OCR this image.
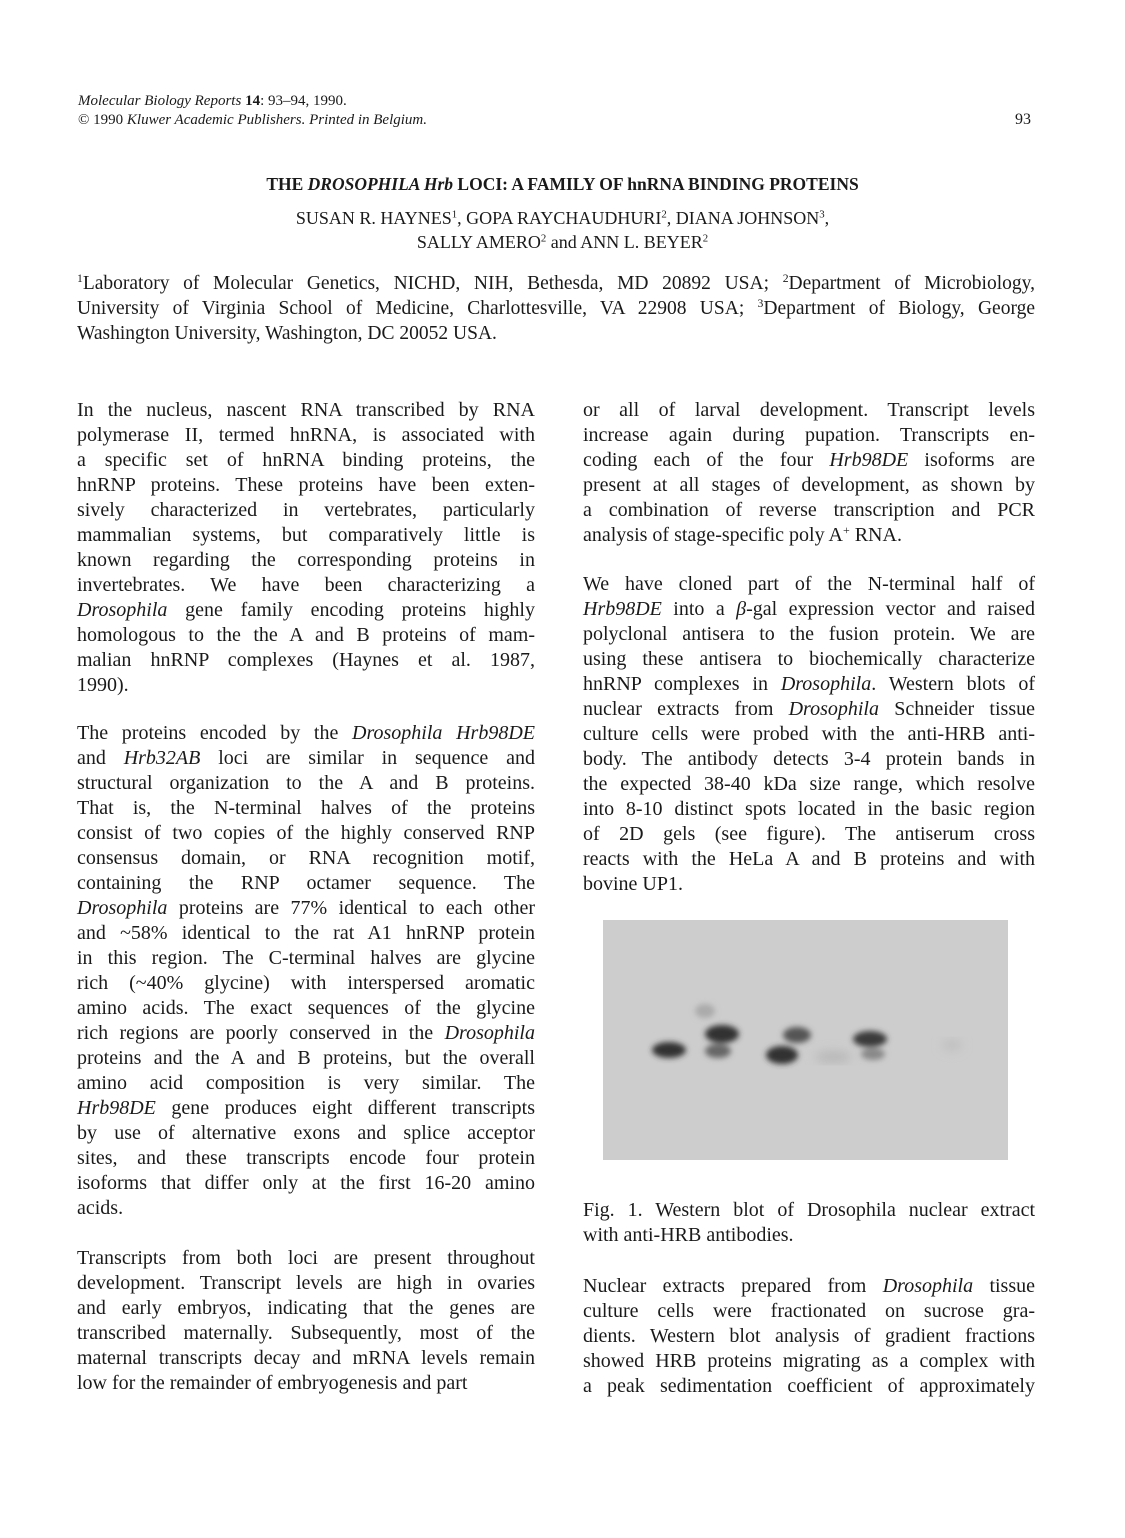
Molecular Biology Reports 14: 93–94, 1990.
© 1990 Kluwer Academic Publishers. Printed in Belgium.	93
THE DROSOPHILA Hrb LOCI: A FAMILY OF hnRNA BINDING PROTEINS
SUSAN R. HAYNES$^1$, GOPA RAYCHAUDHURI$^2$, DIANA JOHNSON$^3$,
SALLY AMERO$^2$ and ANN L. BEYER$^2$
$^1$Laboratory of Molecular Genetics, NICHD, NIH, Bethesda, MD 20892 USA; $^2$Department of Microbiology,
University of Virginia School of Medicine, Charlottesville, VA 22908 USA; $^3$Department of Biology, George
Washington University, Washington, DC 20052 USA.
In the nucleus, nascent RNA transcribed by RNA
polymerase II, termed hnRNA, is associated with
a specific set of hnRNA binding proteins, the
hnRNP proteins. These proteins have been exten-
sively characterized in vertebrates, particularly
mammalian systems, but comparatively little is
known regarding the corresponding proteins in
invertebrates. We have been characterizing a
Drosophila gene family encoding proteins highly
homologous to the the A and B proteins of mam-
malian hnRNP complexes (Haynes et al. 1987,
1990).
The proteins encoded by the Drosophila Hrb98DE
and Hrb32AB loci are similar in sequence and
structural organization to the A and B proteins.
That is, the N-terminal halves of the proteins
consist of two copies of the highly conserved RNP
consensus domain, or RNA recognition motif,
containing the RNP octamer sequence. The
Drosophila proteins are 77% identical to each other
and ~58% identical to the rat A1 hnRNP protein
in this region. The C-terminal halves are glycine
rich (~40% glycine) with interspersed aromatic
amino acids. The exact sequences of the glycine
rich regions are poorly conserved in the Drosophila
proteins and the A and B proteins, but the overall
amino acid composition is very similar. The
Hrb98DE gene produces eight different transcripts
by use of alternative exons and splice acceptor
sites, and these transcripts encode four protein
isoforms that differ only at the first 16-20 amino
acids.
Transcripts from both loci are present throughout
development. Transcript levels are high in ovaries
and early embryos, indicating that the genes are
transcribed maternally. Subsequently, most of the
maternal transcripts decay and mRNA levels remain
low for the remainder of embryogenesis and part
or all of larval development. Transcript levels
increase again during pupation. Transcripts en-
coding each of the four Hrb98DE isoforms are
present at all stages of development, as shown by
a combination of reverse transcription and PCR
analysis of stage-specific poly A+ RNA.
We have cloned part of the N-terminal half of
Hrb98DE into a β-gal expression vector and raised
polyclonal antisera to the fusion protein. We are
using these antisera to biochemically characterize
hnRNP complexes in Drosophila. Western blots of
nuclear extracts from Drosophila Schneider tissue
culture cells were probed with the anti-HRB anti-
body. The antibody detects 3-4 protein bands in
the expected 38-40 kDa size range, which resolve
into 8-10 distinct spots located in the basic region
of 2D gels (see figure). The antiserum cross
reacts with the HeLa A and B proteins and with
bovine UP1.
Fig. 1. Western blot of Drosophila nuclear extract
with anti-HRB antibodies.
Nuclear extracts prepared from Drosophila tissue
culture cells were fractionated on sucrose gra-
dients. Western blot analysis of gradient fractions
showed HRB proteins migrating as a complex with
a peak sedimentation coefficient of approximately
